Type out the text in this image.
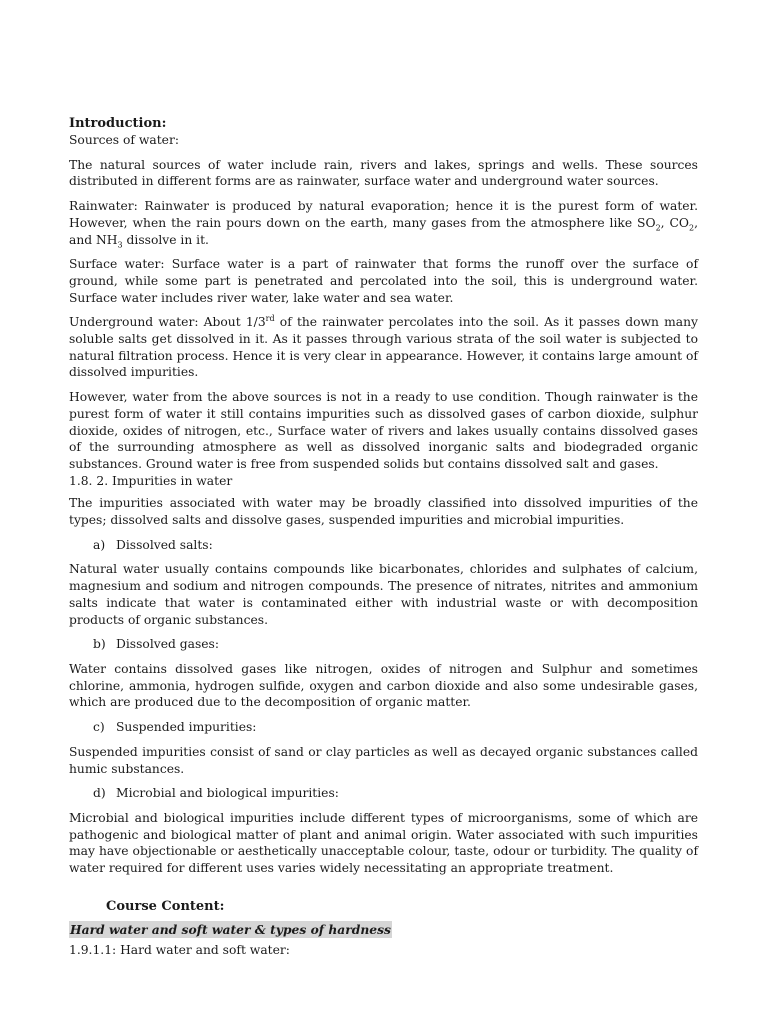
Introduction:

Sources of water:

The natural sources of water include rain, rivers and lakes, springs and wells. These sources distributed in different forms are as rainwater, surface water and underground water sources.

Rainwater: Rainwater is produced by natural evaporation; hence it is the purest form of water. However, when the rain pours down on the earth, many gases from the atmosphere like $SO_2$, $CO_2$, and $NH_3$ dissolve in it.

Surface water: Surface water is a part of rainwater that forms the runoff over the surface of ground, while some part is penetrated and percolated into the soil, this is underground water. Surface water includes river water, lake water and sea water.

Underground water: About 1/3rd of the rainwater percolates into the soil. As it passes down many soluble salts get dissolved in it. As it passes through various strata of the soil water is subjected to natural filtration process. Hence it is very clear in appearance. However, it contains large amount of dissolved impurities.

However, water from the above sources is not in a ready to use condition. Though rainwater is the purest form of water it still contains impurities such as dissolved gases of carbon dioxide, sulphur dioxide, oxides of nitrogen, etc., Surface water of rivers and lakes usually contains dissolved gases of the surrounding atmosphere as well as dissolved inorganic salts and biodegraded organic substances. Ground water is free from suspended solids but contains dissolved salt and gases.

1.8. 2. Impurities in water

The impurities associated with water may be broadly classified into dissolved impurities of the types; dissolved salts and dissolve gases, suspended impurities and microbial impurities.

a) Dissolved salts:

Natural water usually contains compounds like bicarbonates, chlorides and sulphates of calcium, magnesium and sodium and nitrogen compounds. The presence of nitrates, nitrites and ammonium salts indicate that water is contaminated either with industrial waste or with decomposition products of organic substances.

b) Dissolved gases:

Water contains dissolved gases like nitrogen, oxides of nitrogen and Sulphur and sometimes chlorine, ammonia, hydrogen sulfide, oxygen and carbon dioxide and also some undesirable gases, which are produced due to the decomposition of organic matter.

c) Suspended impurities:

Suspended impurities consist of sand or clay particles as well as decayed organic substances called humic substances.

d) Microbial and biological impurities:

Microbial and biological impurities include different types of microorganisms, some of which are pathogenic and biological matter of plant and animal origin. Water associated with such impurities may have objectionable or aesthetically unacceptable colour, taste, odour or turbidity. The quality of water required for different uses varies widely necessitating an appropriate treatment.

Course Content:
Hard water and soft water & types of hardness

1.9.1.1: Hard water and soft water:
